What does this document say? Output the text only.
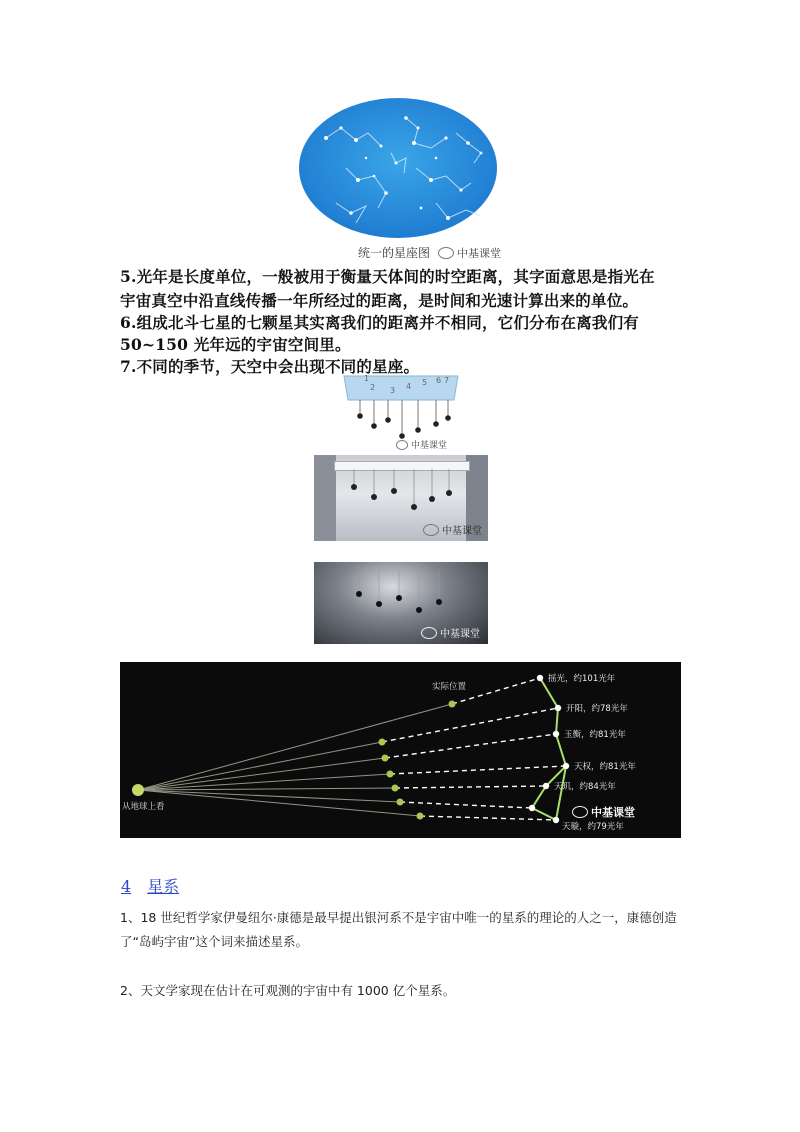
统一的星座图 中基课堂
5.光年是长度单位，一般被用于衡量天体间的时空距离，其字面意思是指光在
宇宙真空中沿直线传播一年所经过的距离，是时间和光速计算出来的单位。
6.组成北斗七星的七颗星其实离我们的距离并不相同，它们分布在离我们有
50~150 光年远的宇宙空间里。
7.不同的季节，天空中会出现不同的星座。
1
2 3 4 5 6 7
中基课堂
中基课堂
中基课堂
实际位置
从地球上看
摇光，约101光年
开阳，约78光年
玉衡，约81光年
天权，约81光年
天玑，约84光年
天璇，约79光年
中基课堂
4 星系
1、18 世纪哲学家伊曼纽尔·康德是最早提出银河系不是宇宙中唯一的星系的理论的人之一，康德创造
了“岛屿宇宙”这个词来描述星系。
2、天文学家现在估计在可观测的宇宙中有 1000 亿个星系。
